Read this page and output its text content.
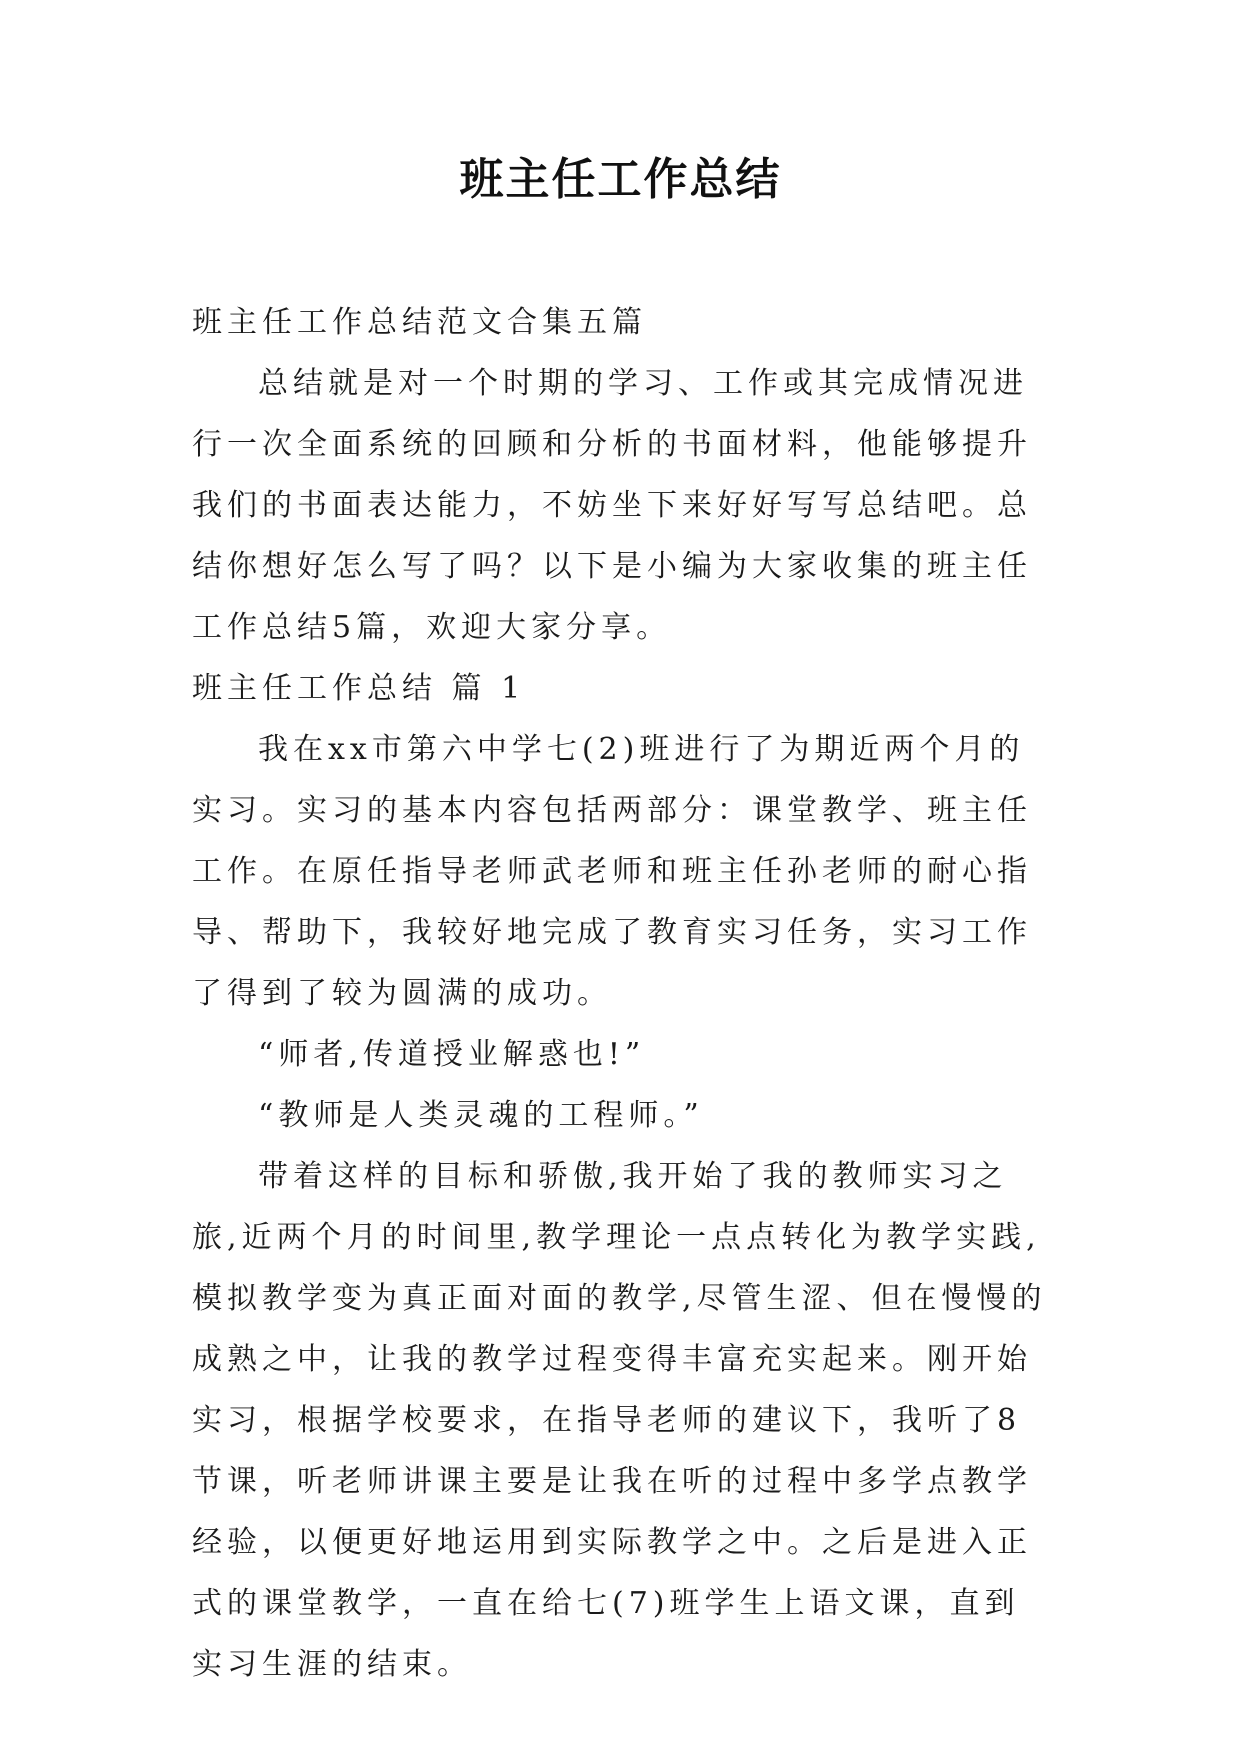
班主任工作总结

班主任工作总结范文合集五篇

总结就是对一个时期的学习、工作或其完成情况进行一次全面系统的回顾和分析的书面材料，他能够提升我们的书面表达能力，不妨坐下来好好写写总结吧。总结你想好怎么写了吗？以下是小编为大家收集的班主任工作总结5篇，欢迎大家分享。

班主任工作总结 篇 1

我在xx市第六中学七(2)班进行了为期近两个月的实习。实习的基本内容包括两部分：课堂教学、班主任工作。在原任指导老师武老师和班主任孙老师的耐心指导、帮助下，我较好地完成了教育实习任务，实习工作了得到了较为圆满的成功。

“师者,传道授业解惑也!”

“教师是人类灵魂的工程师。”

带着这样的目标和骄傲,我开始了我的教师实习之旅,近两个月的时间里,教学理论一点点转化为教学实践,模拟教学变为真正面对面的教学,尽管生涩、但在慢慢的成熟之中，让我的教学过程变得丰富充实起来。刚开始实习，根据学校要求，在指导老师的建议下，我听了8节课，听老师讲课主要是让我在听的过程中多学点教学经验，以便更好地运用到实际教学之中。之后是进入正式的课堂教学，一直在给七(7)班学生上语文课，直到实习生涯的结束。
